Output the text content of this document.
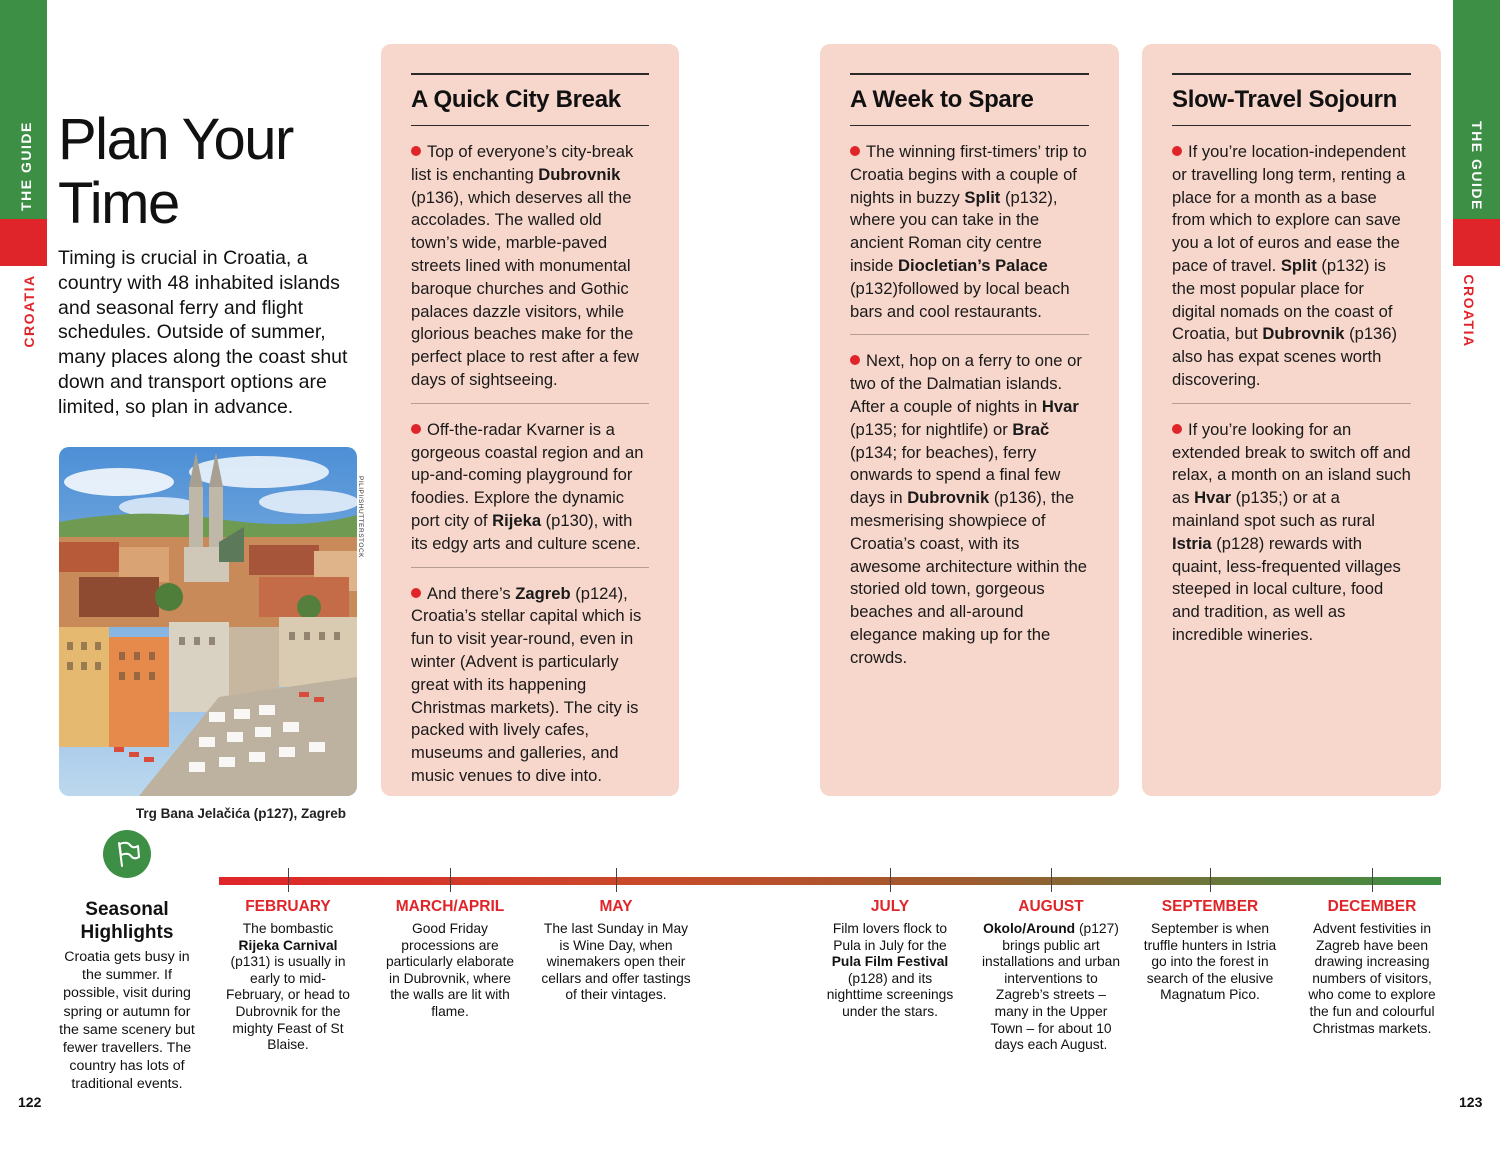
THE GUIDE
CROATIA
THE GUIDE
CROATIA
Plan Your
Time

Timing is crucial in Croatia, a country with 48 inhabited islands and seasonal ferry and flight schedules. Outside of summer, many places along the coast shut down and transport options are limited, so plan in advance.

PILIPI/SHUTTERSTOCK
Trg Bana Jelačića (p127), Zagreb
A Quick City Break

Top of everyone’s city-break list is enchanting Dubrovnik (p136), which deserves all the accolades. The walled old town’s wide, marble-paved streets lined with monumental baroque churches and Gothic palaces dazzle visitors, while glorious beaches make for the perfect place to rest after a few days of sightseeing.

Off-the-radar Kvarner is a gorgeous coastal region and an up-and-coming playground for foodies. Explore the dynamic port city of Rijeka (p130), with its edgy arts and culture scene.

And there’s Zagreb (p124), Croatia’s stellar capital which is fun to visit year-round, even in winter (Advent is particularly great with its happening Christmas markets). The city is packed with lively cafes, museums and galleries, and music venues to dive into.

A Week to Spare

The winning first-timers’ trip to Croatia begins with a couple of nights in buzzy Split (p132), where you can take in the ancient Roman city centre inside Diocletian’s Palace (p132)followed by local beach bars and cool restaurants.

Next, hop on a ferry to one or two of the Dalmatian islands. After a couple of nights in Hvar (p135; for nightlife) or Brač (p134; for beaches), ferry onwards to spend a final few days in Dubrovnik (p136), the mesmerising showpiece of Croatia’s coast, with its awesome architecture within the storied old town, gorgeous beaches and all-around elegance making up for the crowds.

Slow-Travel Sojourn

If you’re location-independent or travelling long term, renting a place for a month as a base from which to explore can save you a lot of euros and ease the pace of travel. Split (p132) is the most popular place for digital nomads on the coast of Croatia, but Dubrovnik (p136) also has expat scenes worth discovering.

If you’re looking for an extended break to switch off and relax, a month on an island such as Hvar (p135;) or at a mainland spot such as rural Istria (p128) rewards with quaint, less-frequented villages steeped in local culture, food and tradition, as well as incredible wineries.

Seasonal Highlights
Croatia gets busy in the summer. If possible, visit during spring or autumn for the same scenery but fewer travellers. The country has lots of traditional events.
FEBRUARY
The bombastic Rijeka Carnival (p131) is usually in early to mid-February, or head to Dubrovnik for the mighty Feast of St Blaise.
MARCH/APRIL
Good Friday processions are particularly elaborate in Dubrovnik, where the walls are lit with flame.
MAY
The last Sunday in May is Wine Day, when winemakers open their cellars and offer tastings of their vintages.
JULY
Film lovers flock to Pula in July for the Pula Film Festival (p128) and its nighttime screenings under the stars.
AUGUST
Okolo/Around (p127) brings public art installations and urban interventions to Zagreb’s streets – many in the Upper Town – for about 10 days each August.
SEPTEMBER
September is when truffle hunters in Istria go into the forest in search of the elusive Magnatum Pico.
DECEMBER
Advent festivities in Zagreb have been drawing increasing numbers of visitors, who come to explore the fun and colourful Christmas markets.
122	123
